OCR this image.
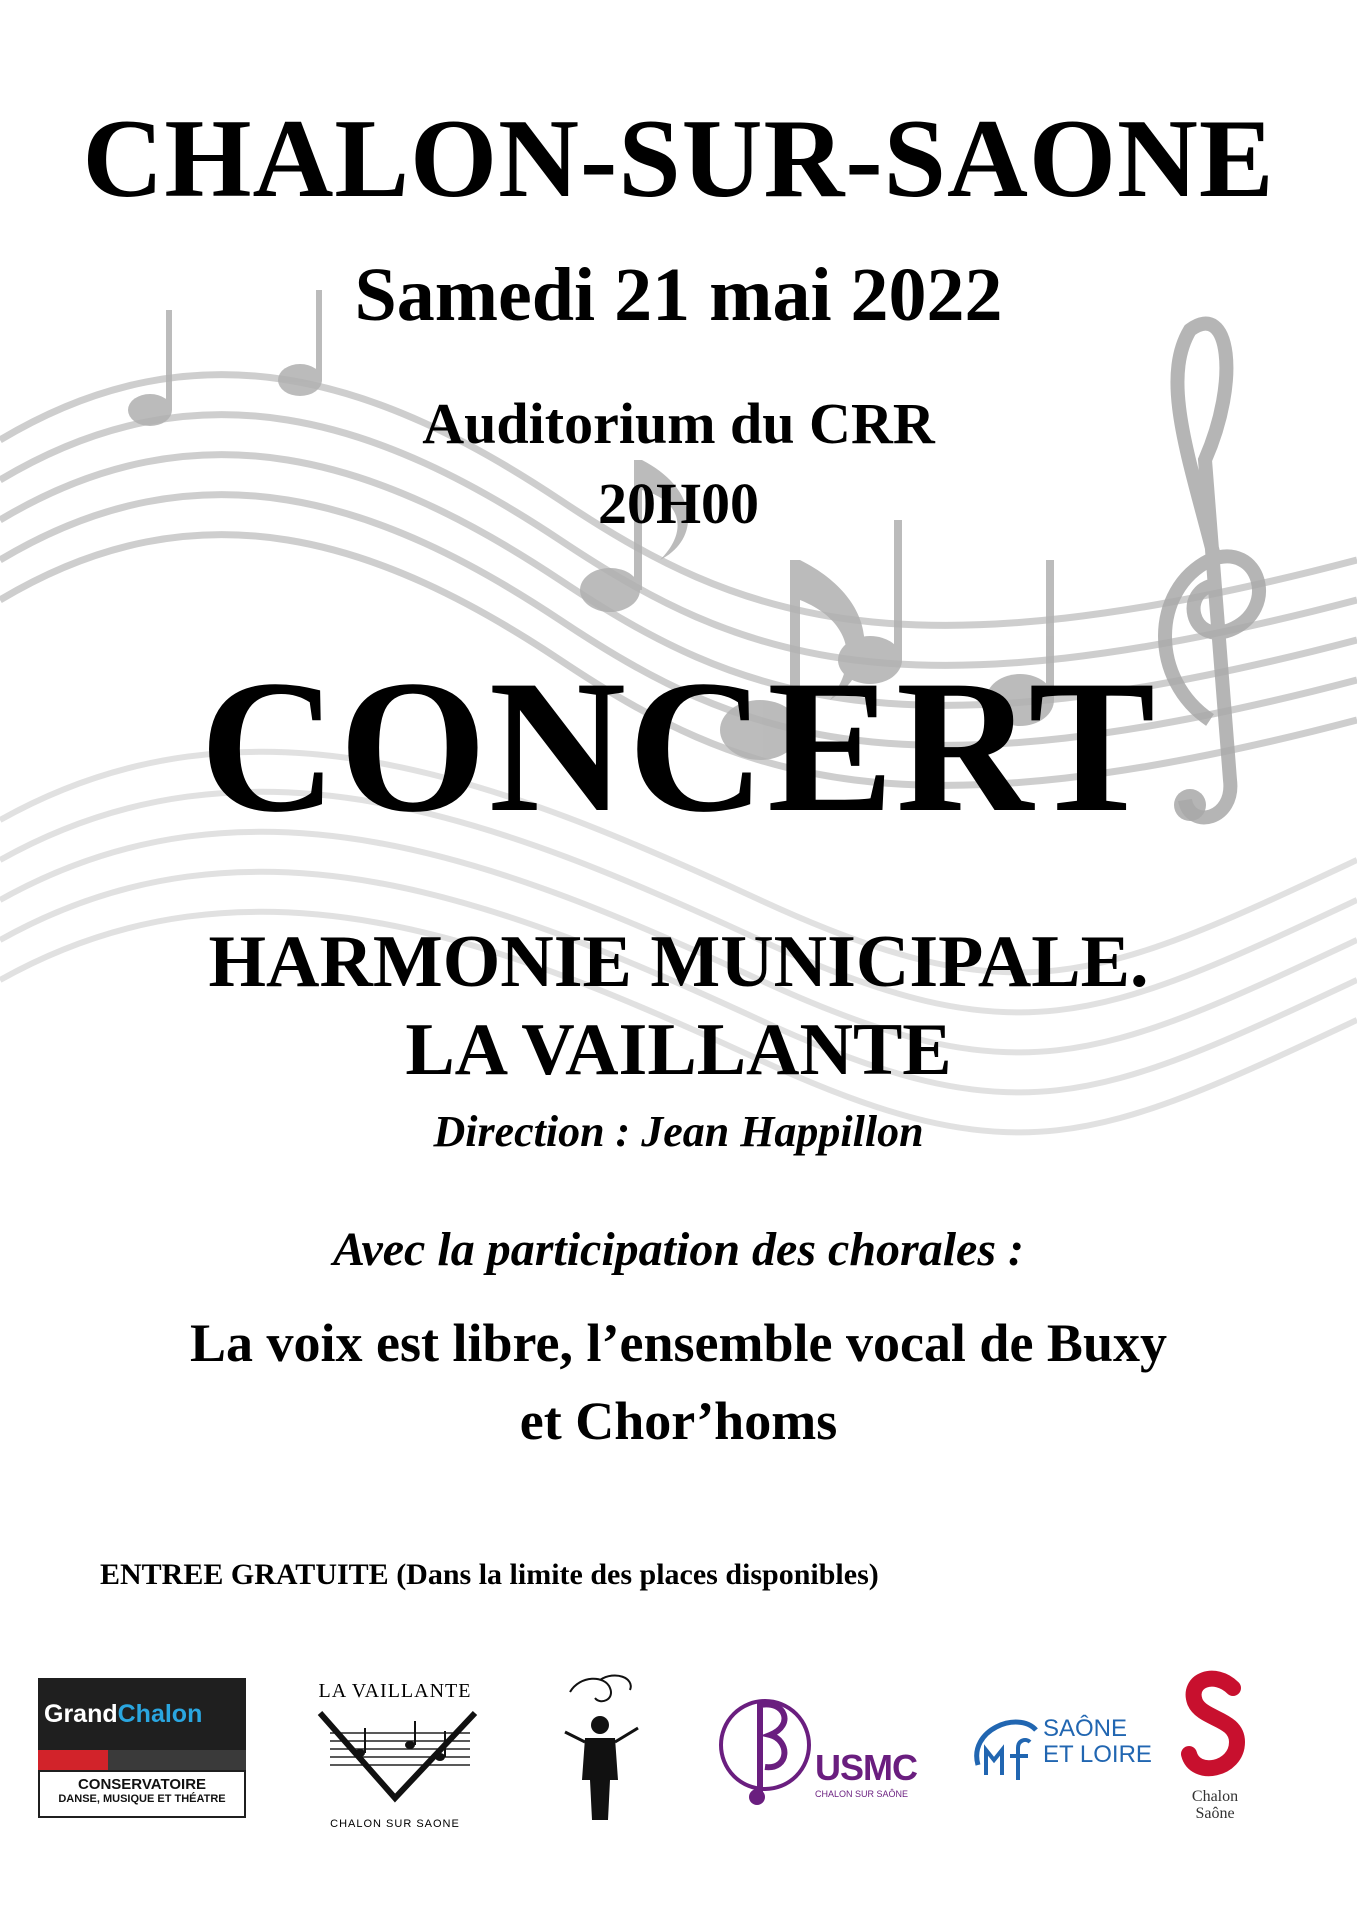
CHALON-SUR-SAONE
Samedi 21 mai 2022
Auditorium du CRR
20H00
CONCERT
HARMONIE MUNICIPALE.
LA VAILLANTE
Direction : Jean Happillon
Avec la participation des chorales :
La voix est libre, l’ensemble vocal de Buxy
et Chor’homs
ENTREE GRATUITE (Dans la limite des places disponibles)
GrandChalon
CONSERVATOIRE
DANSE, MUSIQUE ET THÉATRE
LA VAILLANTE
CHALON SUR SAONE
USMC
CHALON SUR SAÔNE
SAÔNE
ET LOIRE
Chalon
Saône
